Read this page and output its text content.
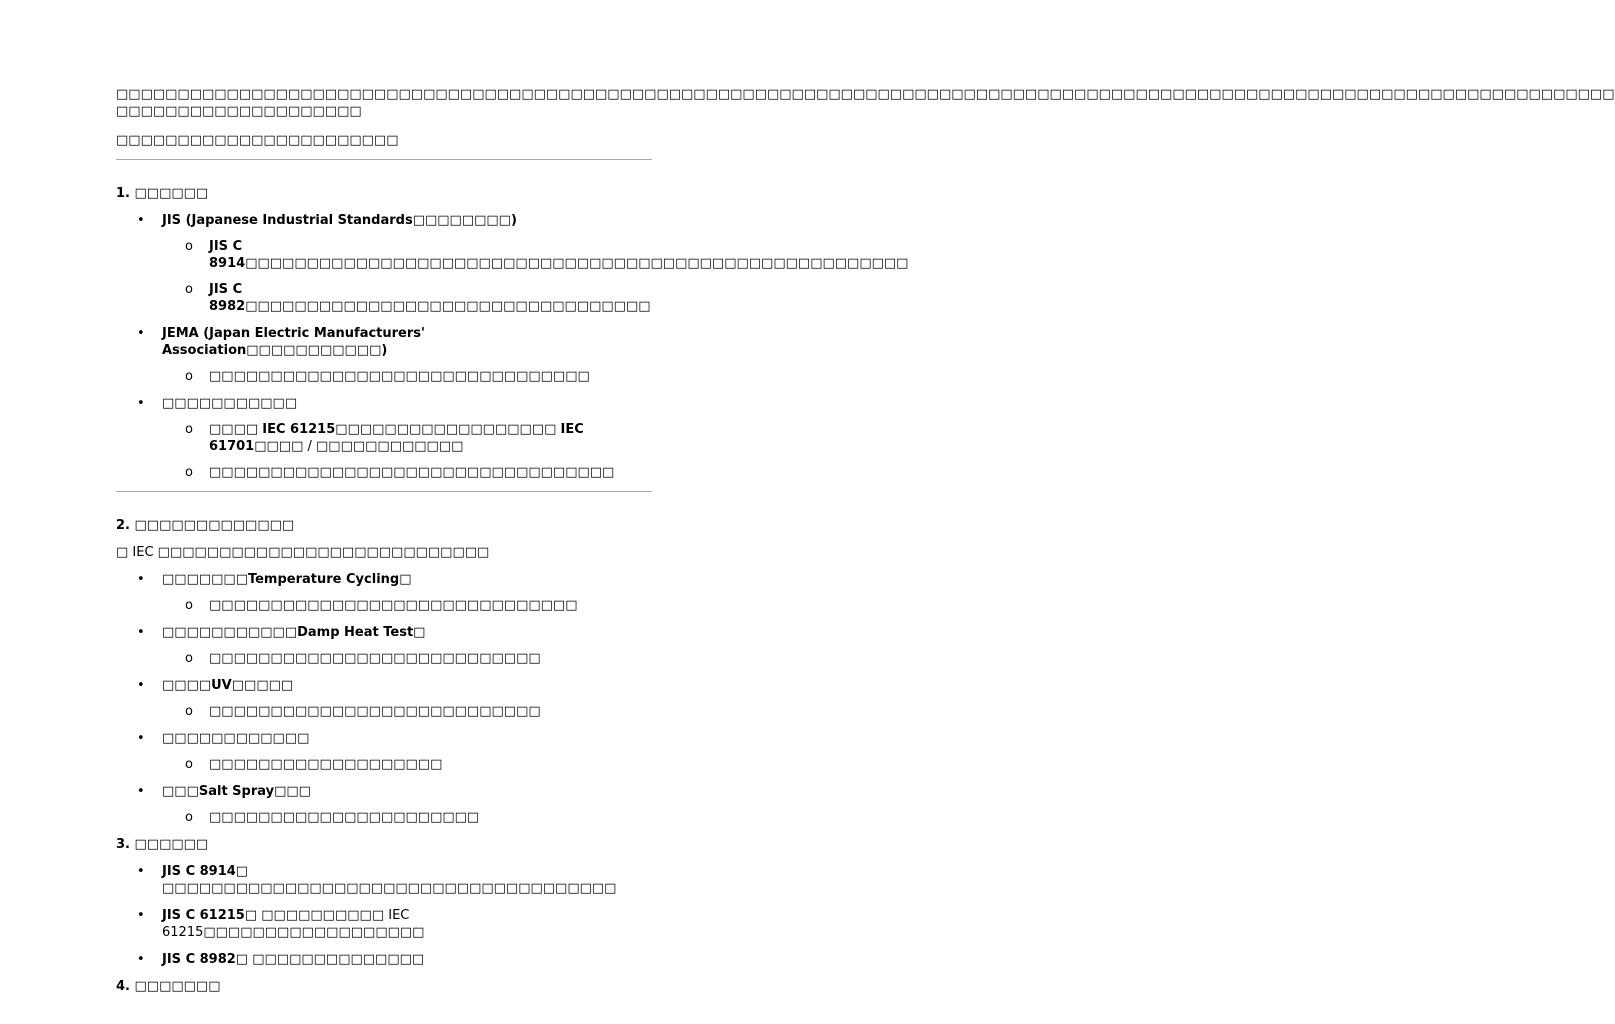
□□□□□□□□□□□□□□□□□□□□□□□□□□□□□□□□□□□□□□□□□□□□□□□□□□□□□□□□□□□□□□□□□□□□□□□□□□□□□□□□□□□□□□□□□□□□□□□□□□□□□□□□□□□□□□□□□□□□□□□□□□
□□□□□□□□□□□□□□□□□□□□

□□□□□□□□□□□□□□□□□□□□□□□

1. □□□□□□
• JIS (Japanese Industrial Standards□□□□□□□□)
o JIS C 8914□□□□□□□□□□□□□□□□□□□□□□□□□□□□□□□□□□□□□□□□□□□□□□□□□□□□□□
o JIS C 8982□□□□□□□□□□□□□□□□□□□□□□□□□□□□□□□□□
• JEMA (Japan Electric Manufacturers' Association□□□□□□□□□□□)
o □□□□□□□□□□□□□□□□□□□□□□□□□□□□□□□
• □□□□□□□□□□□
o □□□□ IEC 61215□□□□□□□□□□□□□□□□□□ IEC 61701□□□□ / □□□□□□□□□□□□
o □□□□□□□□□□□□□□□□□□□□□□□□□□□□□□□□□
2. □□□□□□□□□□□□□

□ IEC □□□□□□□□□□□□□□□□□□□□□□□□□□□

• □□□□□□□Temperature Cycling□
o □□□□□□□□□□□□□□□□□□□□□□□□□□□□□□
• □□□□□□□□□□□Damp Heat Test□
o □□□□□□□□□□□□□□□□□□□□□□□□□□□
• □□□□UV□□□□□
o □□□□□□□□□□□□□□□□□□□□□□□□□□□
• □□□□□□□□□□□□
o □□□□□□□□□□□□□□□□□□□
• □□□Salt Spray□□□
o □□□□□□□□□□□□□□□□□□□□□□
3. □□□□□□
• JIS C 8914□ □□□□□□□□□□□□□□□□□□□□□□□□□□□□□□□□□□□□□
• JIS C 61215□ □□□□□□□□□□ IEC 61215□□□□□□□□□□□□□□□□□□
• JIS C 8982□ □□□□□□□□□□□□□□
4. □□□□□□□
